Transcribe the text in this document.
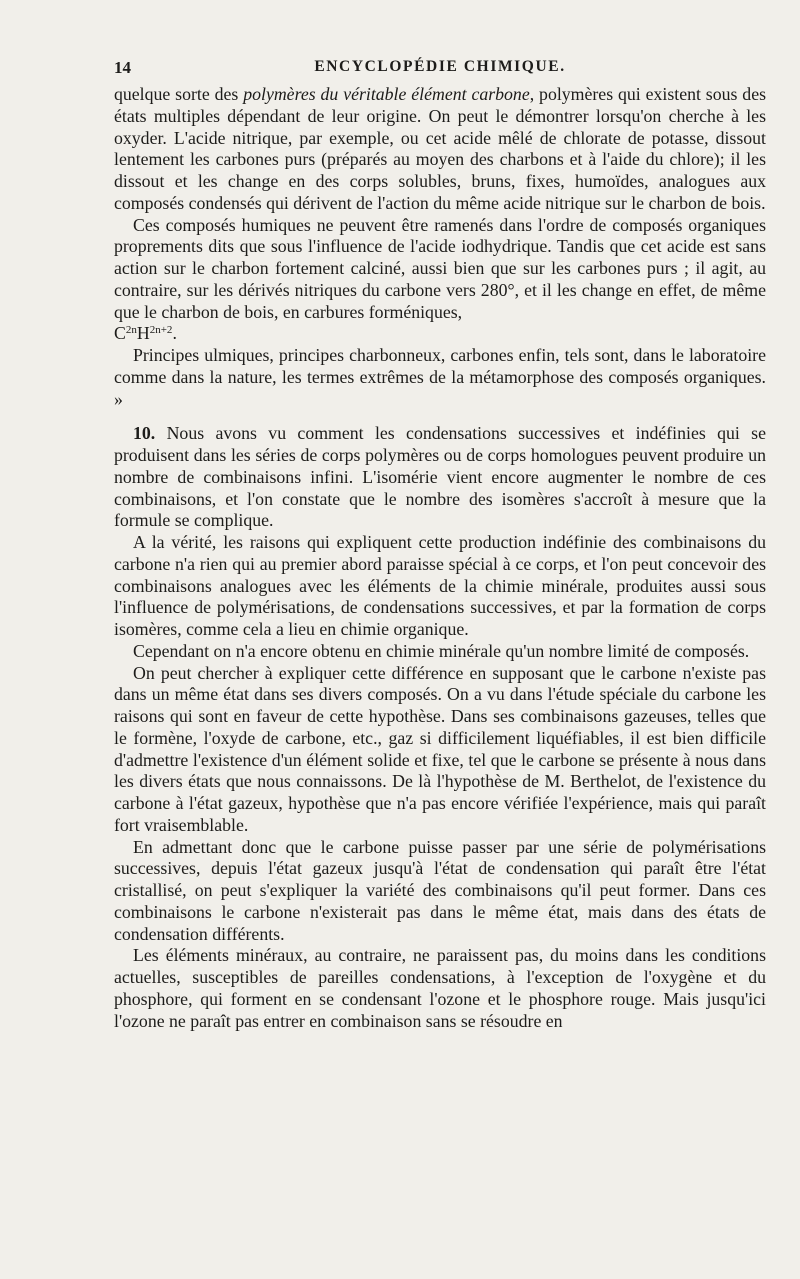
14	ENCYCLOPÉDIE CHIMIQUE.

quelque sorte des polymères du véritable élément carbone, polymères qui existent sous des états multiples dépendant de leur origine. On peut le démontrer lorsqu'on cherche à les oxyder. L'acide nitrique, par exemple, ou cet acide mêlé de chlorate de potasse, dissout lentement les carbones purs (préparés au moyen des charbons et à l'aide du chlore); il les dissout et les change en des corps solubles, bruns, fixes, humoïdes, analogues aux composés condensés qui dérivent de l'action du même acide nitrique sur le charbon de bois.

Ces composés humiques ne peuvent être ramenés dans l'ordre de composés organiques proprements dits que sous l'influence de l'acide iodhydrique. Tandis que cet acide est sans action sur le charbon fortement calciné, aussi bien que sur les carbones purs ; il agit, au contraire, sur les dérivés nitriques du carbone vers 280°, et il les change en effet, de même que le charbon de bois, en carbures forméniques,
$C^{2n}H^{2n+2}$.

Principes ulmiques, principes charbonneux, carbones enfin, tels sont, dans le laboratoire comme dans la nature, les termes extrêmes de la métamorphose des composés organiques. »

10. Nous avons vu comment les condensations successives et indéfinies qui se produisent dans les séries de corps polymères ou de corps homologues peuvent produire un nombre de combinaisons infini. L'isomérie vient encore augmenter le nombre de ces combinaisons, et l'on constate que le nombre des isomères s'accroît à mesure que la formule se complique.

A la vérité, les raisons qui expliquent cette production indéfinie des combinaisons du carbone n'a rien qui au premier abord paraisse spécial à ce corps, et l'on peut concevoir des combinaisons analogues avec les éléments de la chimie minérale, produites aussi sous l'influence de polymérisations, de condensations successives, et par la formation de corps isomères, comme cela a lieu en chimie organique.

Cependant on n'a encore obtenu en chimie minérale qu'un nombre limité de composés.

On peut chercher à expliquer cette différence en supposant que le carbone n'existe pas dans un même état dans ses divers composés. On a vu dans l'étude spéciale du carbone les raisons qui sont en faveur de cette hypothèse. Dans ses combinaisons gazeuses, telles que le formène, l'oxyde de carbone, etc., gaz si difficilement liquéfiables, il est bien difficile d'admettre l'existence d'un élément solide et fixe, tel que le carbone se présente à nous dans les divers états que nous connaissons. De là l'hypothèse de M. Berthelot, de l'existence du carbone à l'état gazeux, hypothèse que n'a pas encore vérifiée l'expérience, mais qui paraît fort vraisemblable.

En admettant donc que le carbone puisse passer par une série de polymérisations successives, depuis l'état gazeux jusqu'à l'état de condensation qui paraît être l'état cristallisé, on peut s'expliquer la variété des combinaisons qu'il peut former. Dans ces combinaisons le carbone n'existerait pas dans le même état, mais dans des états de condensation différents.

Les éléments minéraux, au contraire, ne paraissent pas, du moins dans les conditions actuelles, susceptibles de pareilles condensations, à l'exception de l'oxygène et du phosphore, qui forment en se condensant l'ozone et le phosphore rouge. Mais jusqu'ici l'ozone ne paraît pas entrer en combinaison sans se résoudre en
